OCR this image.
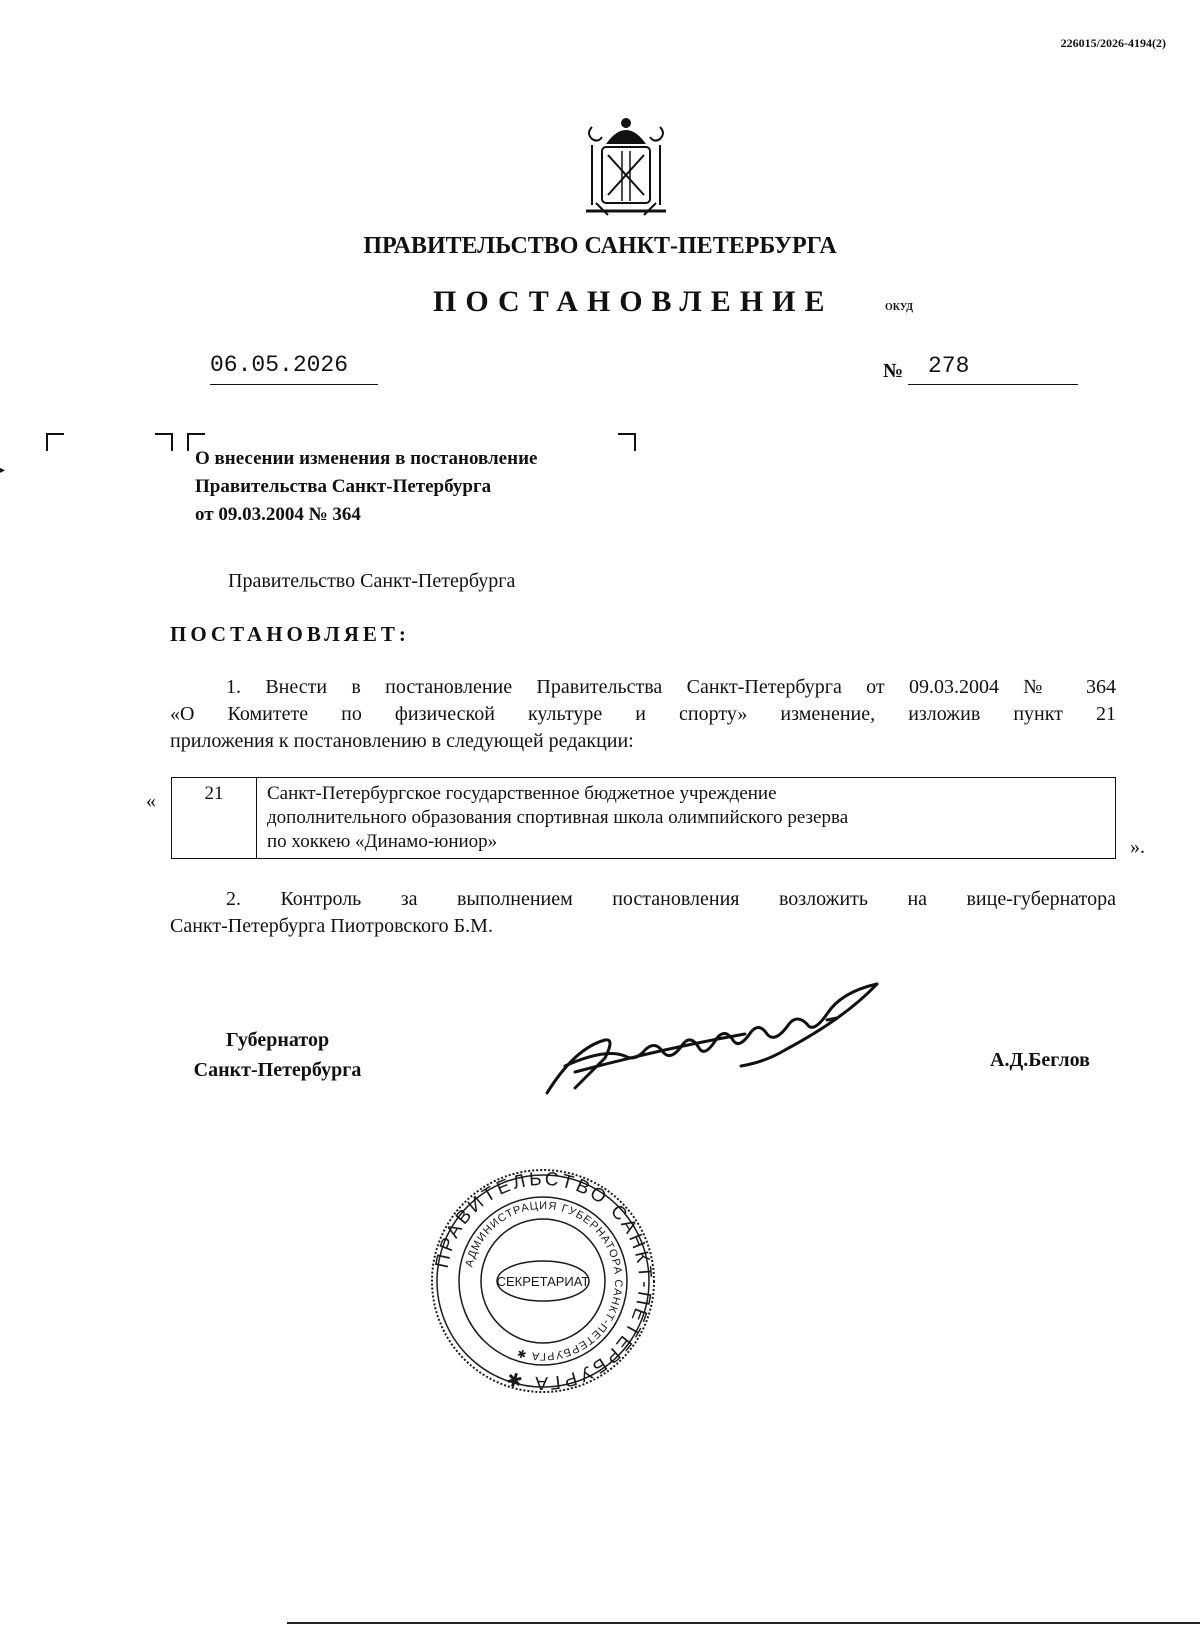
226015/2026-4194(2)
ПРАВИТЕЛЬСТВО САНКТ-ПЕТЕРБУРГА
ПОСТАНОВЛЕНИЕ	ОКУД
06.05.2026	№ 278
▸
О внесении изменения в постановление
Правительства Санкт-Петербурга
от 09.03.2004 № 364
Правительство Санкт-Петербурга
ПОСТАНОВЛЯЕТ:
1. Внести в постановление Правительства Санкт-Петербурга от 09.03.2004 № 364
«О Комитете по физической культуре и спорту» изменение, изложив пункт 21
приложения к постановлению в следующей редакции:
«	21	Санкт-Петербургское государственное бюджетное учреждение
дополнительного образования спортивная школа олимпийского резерва
по хоккею «Динамо-юниор»	».
2. Контроль за выполнением постановления возложить на вице-губернатора
Санкт-Петербурга Пиотровского Б.М.
Губернатор
Санкт-Петербурга	А.Д.Беглов
ПРАВИТЕЛЬСТВО САНКТ-ПЕТЕРБУРГА ✱
АДМИНИСТРАЦИЯ ГУБЕРНАТОРА САНКТ-ПЕТЕРБУРГА ✱
СЕКРЕТАРИАТ
